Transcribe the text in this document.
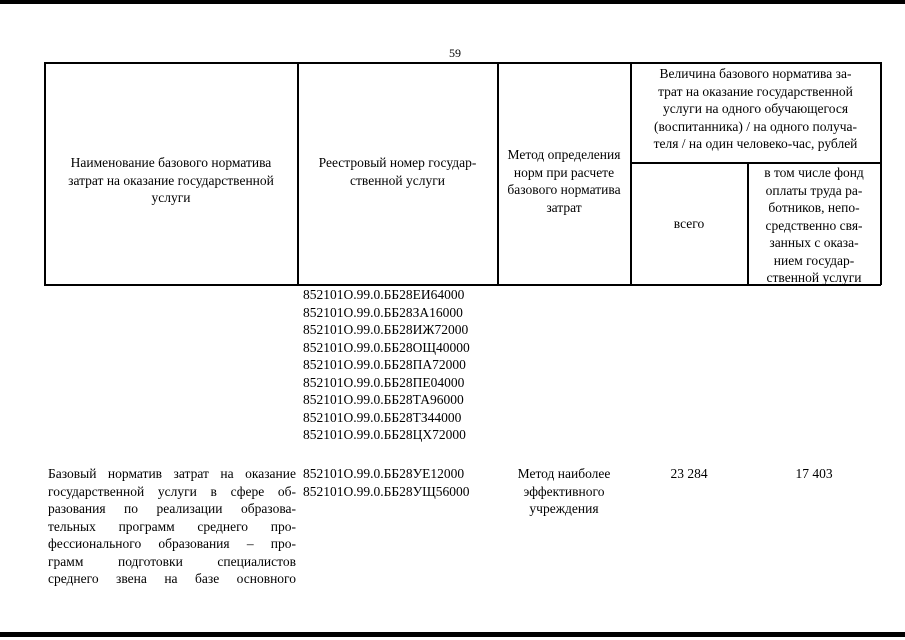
59
Наименование базового норматива
затрат на оказание государственной
услуги
Реестровый номер государ-
ственной услуги
Метод определения
норм при расчете
базового норматива
затрат
Величина базового норматива за-
трат на оказание государственной
услуги на одного обучающегося
(воспитанника) / на одного получа-
теля / на один человеко-час, рублей
всего
в том числе фонд
оплаты труда ра-
ботников, непо-
средственно свя-
занных с оказа-
нием государ-
ственной услуги
852101О.99.0.ББ28ЕИ64000
852101О.99.0.ББ28ЗА16000
852101О.99.0.ББ28ИЖ72000
852101О.99.0.ББ28ОЩ40000
852101О.99.0.ББ28ПА72000
852101О.99.0.ББ28ПЕ04000
852101О.99.0.ББ28ТА96000
852101О.99.0.ББ28ТЗ44000
852101О.99.0.ББ28ЦХ72000
Базовый норматив затрат на оказание
государственной услуги в сфере об-
разования по реализации образова-
тельных программ среднего про-
фессионального образования – про-
грамм подготовки специалистов
среднего звена на базе основного
852101О.99.0.ББ28УЕ12000
852101О.99.0.ББ28УЩ56000
Метод наиболее
эффективного
учреждения
23 284	17 403
